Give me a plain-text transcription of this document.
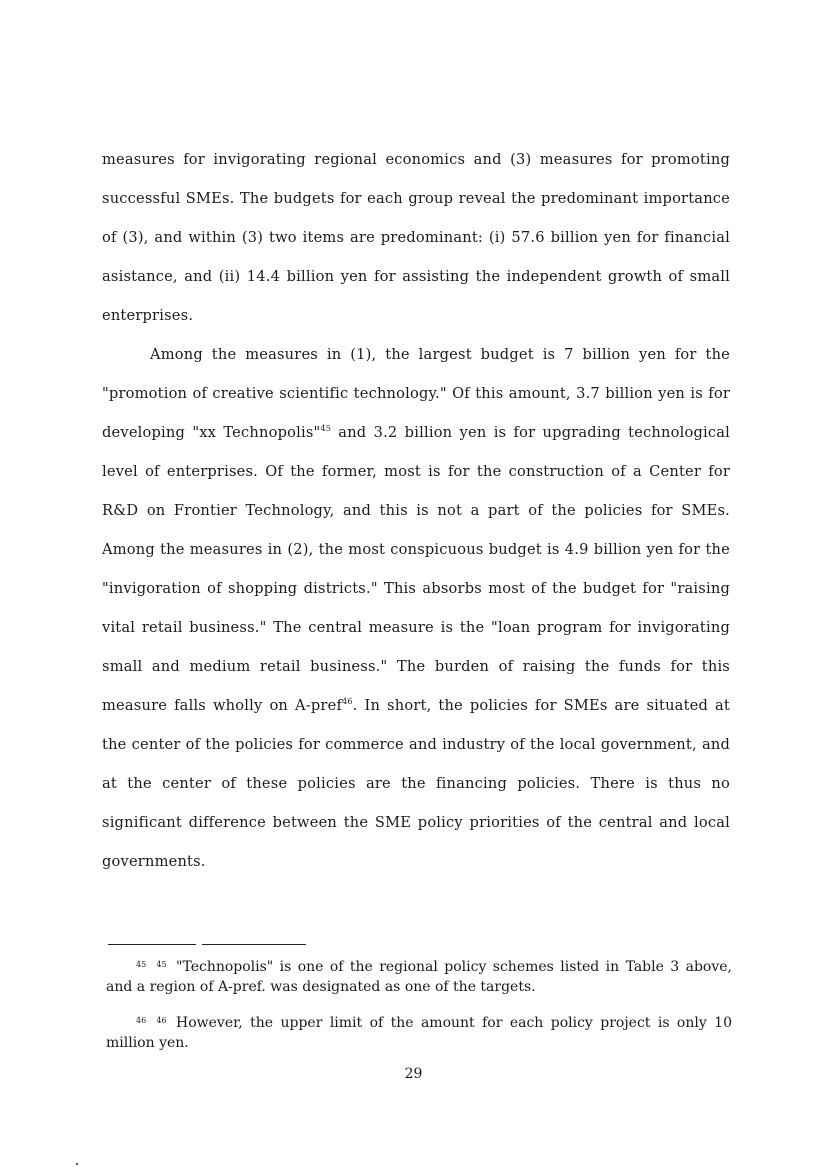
measures for invigorating regional economics and (3) measures for promoting successful SMEs. The budgets for each group reveal the predominant importance of (3), and within (3) two items are predominant: (i) 57.6 billion yen for financial asistance, and (ii) 14.4 billion yen for assisting the independent growth of small enterprises.

Among the measures in (1), the largest budget is 7 billion yen for the "promotion of creative scientific technology." Of this amount, 3.7 billion yen is for developing "xx Technopolis"$^{45}$ and 3.2 billion yen is for upgrading technological level of enterprises. Of the former, most is for the construction of a Center for R&D on Frontier Technology, and this is not a part of the policies for SMEs. Among the measures in (2), the most conspicuous budget is 4.9 billion yen for the "invigoration of shopping districts." This absorbs most of the budget for "raising vital retail business." The central measure is the "loan program for invigorating small and medium retail business." The burden of raising the funds for this measure falls wholly on A-pref$^{46}$. In short, the policies for SMEs are situated at the center of the policies for commerce and industry of the local government, and at the center of these policies are the financing policies. There is thus no significant difference between the SME policy priorities of the central and local governments.

45 45 "Technopolis" is one of the regional policy schemes listed in Table 3 above, and a region of A-pref. was designated as one of the targets.
46 46 However, the upper limit of the amount for each policy project is only 10 million yen.
29
